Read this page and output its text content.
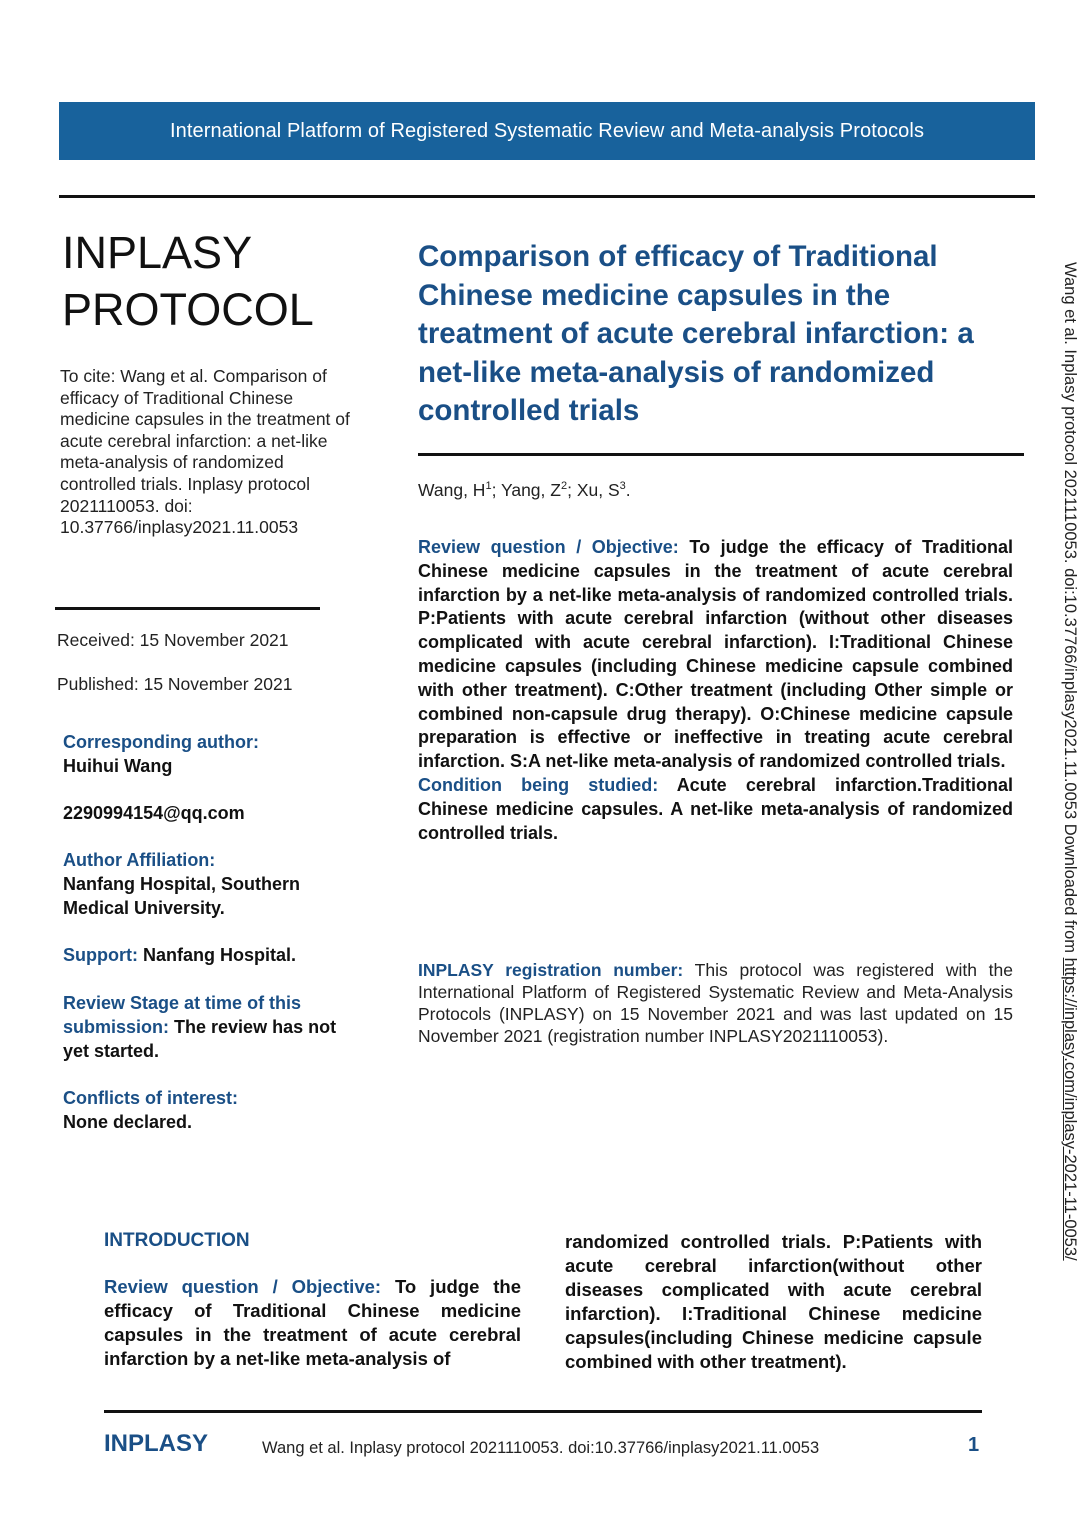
International Platform of Registered Systematic Review and Meta-analysis Protocols
INPLASY
PROTOCOL
To cite: Wang et al. Comparison of efficacy of Traditional Chinese medicine capsules in the treatment of acute cerebral infarction: a net-like meta-analysis of randomized controlled trials. Inplasy protocol 2021110053. doi: 10.37766/inplasy2021.11.0053
Received: 15 November 2021
Published: 15 November 2021
Corresponding author:
Huihui Wang
2290994154@qq.com
Author Affiliation:
Nanfang Hospital, Southern Medical University.
Support: Nanfang Hospital.
Review Stage at time of this submission: The review has not yet started.
Conflicts of interest:
None declared.
Comparison of efficacy of Traditional Chinese medicine capsules in the treatment of acute cerebral infarction: a net-like meta-analysis of randomized controlled trials
Wang, $H^1$; Yang, $Z^2$; Xu, $S^3$.
Review question / Objective: To judge the efficacy of Traditional Chinese medicine capsules in the treatment of acute cerebral infarction by a net-like meta-analysis of randomized controlled trials. P:Patients with acute cerebral infarction (without other diseases complicated with acute cerebral infarction). I:Traditional Chinese medicine capsules (including Chinese medicine capsule combined with other treatment). C:Other treatment (including Other simple or combined non-capsule drug therapy). O:Chinese medicine capsule preparation is effective or ineffective in treating acute cerebral infarction. S:A net-like meta-analysis of randomized controlled trials.
Condition being studied: Acute cerebral infarction.Traditional Chinese medicine capsules. A net-like meta-analysis of randomized controlled trials.
INPLASY registration number: This protocol was registered with the International Platform of Registered Systematic Review and Meta-Analysis Protocols (INPLASY) on 15 November 2021 and was last updated on 15 November 2021 (registration number INPLASY2021110053).
INTRODUCTION
Review question / Objective: To judge the efficacy of Traditional Chinese medicine capsules in the treatment of acute cerebral infarction by a net-like meta-analysis of
randomized controlled trials. P:Patients with acute cerebral infarction(without other diseases complicated with acute cerebral infarction). I:Traditional Chinese medicine capsules(including Chinese medicine capsule combined with other treatment).
Wang et al. Inplasy protocol 2021110053. doi:10.37766/inplasy2021.11.0053 Downloaded from https://inplasy.com/inplasy-2021-11-0053/
INPLASY	Wang et al. Inplasy protocol 2021110053. doi:10.37766/inplasy2021.11.0053	1
